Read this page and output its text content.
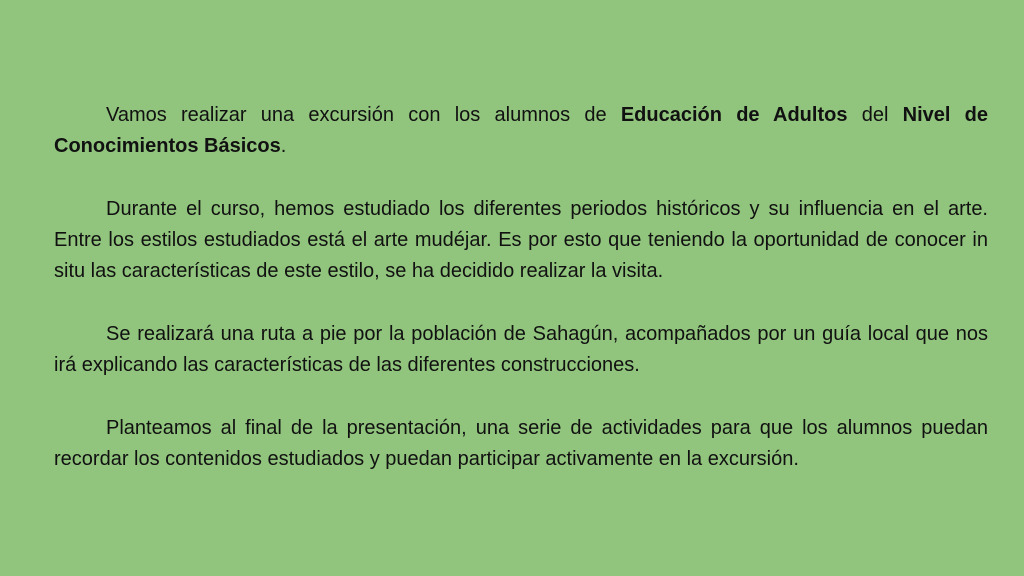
Vamos realizar una excursión con los alumnos de Educación de Adultos del Nivel de Conocimientos Básicos.

Durante el curso, hemos estudiado los diferentes periodos históricos y su influencia en el arte. Entre los estilos estudiados está el arte mudéjar. Es por esto que teniendo la oportunidad de conocer in situ las características de este estilo, se ha decidido realizar la visita.

Se realizará una ruta a pie por la población de Sahagún, acompañados por un guía local que nos irá explicando las características de las diferentes construcciones.

Planteamos al final de la presentación, una serie de actividades para que los alumnos puedan recordar los contenidos estudiados y puedan participar activamente en la excursión.
